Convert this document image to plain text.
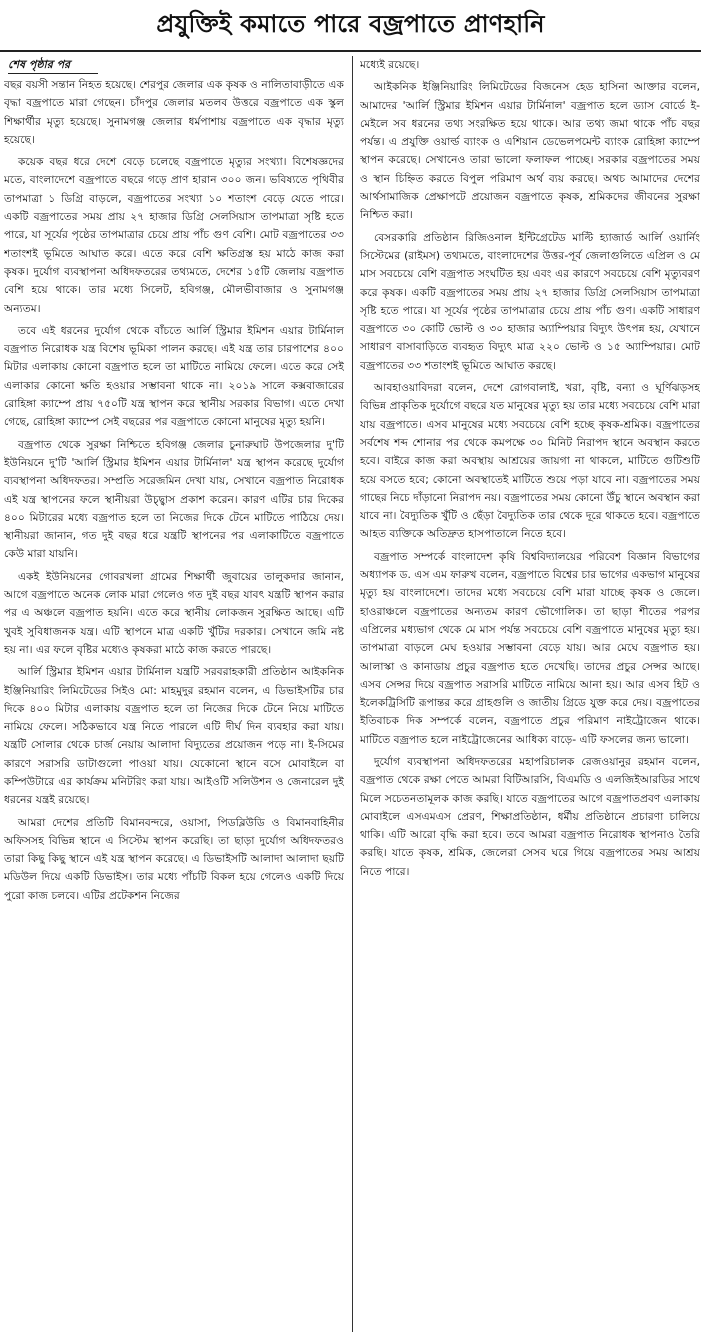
প্রযুক্তিই কমাতে পারে বজ্রপাতে প্রাণহানি
শেষ পৃষ্ঠার পর

বছর বয়সী সন্তান নিহত হয়েছে। শেরপুর জেলার এক কৃষক ও নালিতাবাড়ীতে এক বৃদ্ধা বজ্রপাতে মারা গেছেন। চাঁদপুর জেলার মতলব উত্তরে বজ্রপাতে এক স্কুল শিক্ষার্থীর মৃত্যু হয়েছে। সুনামগঞ্জ জেলার ধর্মপাশায় বজ্রপাতে এক বৃদ্ধার মৃত্যু হয়েছে।

কয়েক বছর ধরে দেশে বেড়ে চলেছে বজ্রপাতে মৃত্যুর সংখ্যা। বিশেষজ্ঞদের মতে, বাংলাদেশে বজ্রপাতে বছরে গড়ে প্রাণ হারান ৩০০ জন। ভবিষ্যতে পৃথিবীর তাপমাত্রা ১ ডিগ্রি বাড়লে, বজ্রপাতের সংখ্যা ১০ শতাংশ বেড়ে যেতে পারে। একটি বজ্রপাতের সময় প্রায় ২৭ হাজার ডিগ্রি সেলসিয়াস তাপমাত্রা সৃষ্টি হতে পারে, যা সূর্যের পৃষ্ঠের তাপমাত্রার চেয়ে প্রায় পাঁচ গুণ বেশি। মোট বজ্রপাতের ৩৩ শতাংশই ভূমিতে আঘাত করে। এতে করে বেশি ক্ষতিগ্রস্ত হয় মাঠে কাজ করা কৃষক। দুর্যোগ ব্যবস্থাপনা অধিদফতরের তথ্যমতে, দেশের ১৫টি জেলায় বজ্রপাত বেশি হয়ে থাকে। তার মধ্যে সিলেট, হবিগঞ্জ, মৌলভীবাজার ও সুনামগঞ্জ অন্যতম।

তবে এই ধরনের দুর্যোগ থেকে বাঁচতে আর্লি স্ট্রিমার ইমিশন এয়ার টার্মিনাল বজ্রপাত নিরোধক যন্ত্র বিশেষ ভূমিকা পালন করছে। এই যন্ত্র তার চারপাশের ৪০০ মিটার এলাকায় কোনো বজ্রপাত হলে তা মাটিতে নামিয়ে ফেলে। এতে করে সেই এলাকার কোনো ক্ষতি হওয়ার সম্ভাবনা থাকে না। ২০১৯ সালে কক্সবাজারের রোহিঙ্গা ক্যাম্পে প্রায় ৭৫০টি যন্ত্র স্থাপন করে স্থানীয় সরকার বিভাগ। এতে দেখা গেছে, রোহিঙ্গা ক্যাম্পে সেই বছরের পর বজ্রপাতে কোনো মানুষের মৃত্যু হয়নি।

বজ্রপাত থেকে সুরক্ষা নিশ্চিতে হবিগঞ্জ জেলার চুনারুঘাট উপজেলার দু'টি ইউনিয়নে দু'টি 'আর্লি স্ট্রিমার ইমিশন এয়ার টার্মিনাল' যন্ত্র স্থাপন করেছে দুর্যোগ ব্যবস্থাপনা অধিদফতর। সম্প্রতি সরেজমিন দেখা যায়, সেখানে বজ্রপাত নিরোধক এই যন্ত্র স্থাপনের ফলে স্থানীয়রা উচ্ছ্বাস প্রকাশ করেন। কারণ এটির চার দিকের ৪০০ মিটারের মধ্যে বজ্রপাত হলে তা নিজের দিকে টেনে মাটিতে পাঠিয়ে দেয়। স্থানীয়রা জানান, গত দুই বছর ধরে যন্ত্রটি স্থাপনের পর এলাকাটিতে বজ্রপাতে কেউ মারা যায়নি।

একই ইউনিয়নের গোবরখলা গ্রামের শিক্ষার্থী জুবায়ের তালুকদার জানান, আগে বজ্রপাতে অনেক লোক মারা গেলেও গত দুই বছর যাবৎ যন্ত্রটি স্থাপন করার পর এ অঞ্চলে বজ্রপাত হয়নি। এতে করে স্থানীয় লোকজন সুরক্ষিত আছে। এটি খুবই সুবিধাজনক যন্ত্র। এটি স্থাপনে মাত্র একটি খুঁটির দরকার। সেখানে জমি নষ্ট হয় না। এর ফলে বৃষ্টির মধ্যেও কৃষকরা মাঠে কাজ করতে পারছে।

আর্লি স্ট্রিমার ইমিশন এয়ার টার্মিনাল যন্ত্রটি সরবরাহকারী প্রতিষ্ঠান আইকনিক ইঞ্জিনিয়ারিং লিমিটেডের সিইও মো: মাহমুদুর রহমান বলেন, এ ডিভাইসটির চার দিকে ৪০০ মিটার এলাকায় বজ্রপাত হলে তা নিজের দিকে টেনে নিয়ে মাটিতে নামিয়ে ফেলে। সঠিকভাবে যন্ত্র নিতে পারলে এটি দীর্ঘ দিন ব্যবহার করা যায়। যন্ত্রটি সোলার থেকে চার্জ নেয়ায় আলাদা বিদ্যুতের প্রয়োজন পড়ে না। ই-সিমের কারণে সরাসরি ডাটাগুলো পাওয়া যায়। যেকোনো স্থানে বসে মোবাইলে বা কম্পিউটারে এর কার্যক্রম মনিটরিং করা যায়। আইওটি সলিউশন ও জেনারেল দুই ধরনের যন্ত্রই রয়েছে।

আমরা দেশের প্রতিটি বিমানবন্দরে, ওয়াসা, পিডব্লিউডি ও বিমানবাহিনীর অফিসসহ বিভিন্ন স্থানে এ সিস্টেম স্থাপন করেছি। তা ছাড়া দুর্যোগ অধিদফতরও তারা কিছু কিছু স্থানে এই যন্ত্র স্থাপন করেছে। এ ডিভাইসটি আলাদা আলাদা ছয়টি মডিউল দিয়ে একটি ডিভাইস। তার মধ্যে পাঁচটি বিকল হয়ে গেলেও একটি দিয়ে পুরো কাজ চলবে। এটির প্রটেকশন নিজের

মধ্যেই রয়েছে।

আইকনিক ইঞ্জিনিয়ারিং লিমিটেডের বিজনেস হেড হাসিনা আক্তার বলেন, আমাদের 'আর্লি স্ট্রিমার ইমিশন এয়ার টার্মিনাল' বজ্রপাত হলে ড্যাস বোর্ডে ই-মেইলে সব ধরনের তথ্য সংরক্ষিত হয়ে থাকে। আর তথ্য জমা থাকে পাঁচ বছর পর্যন্ত। এ প্রযুক্তি ওয়ার্ল্ড ব্যাংক ও এশিয়ান ডেভেলপমেন্ট ব্যাংক রোহিঙ্গা ক্যাম্পে স্থাপন করেছে। সেখানেও তারা ভালো ফলাফল পাচ্ছে। সরকার বজ্রপাতের সময় ও স্থান চিহ্নিত করতে বিপুল পরিমাণ অর্থ ব্যয় করছে। অথচ আমাদের দেশের আর্থসামাজিক প্রেক্ষাপটে প্রয়োজন বজ্রপাতে কৃষক, শ্রমিকদের জীবনের সুরক্ষা নিশ্চিত করা।

বেসরকারি প্রতিষ্ঠান রিজিওনাল ইন্টিগ্রেটেড মাল্টি হ্যাজার্ড আর্লি ওয়ার্নিং সিস্টেমের (রাইমস) তথ্যমতে, বাংলাদেশের উত্তর-পূর্ব জেলাগুলিতে এপ্রিল ও মে মাস সবচেয়ে বেশি বজ্রপাত সংঘটিত হয় এবং এর কারণে সবচেয়ে বেশি মৃত্যুবরণ করে কৃষক। একটি বজ্রপাতের সময় প্রায় ২৭ হাজার ডিগ্রি সেলসিয়াস তাপমাত্রা সৃষ্টি হতে পারে। যা সূর্যের পৃষ্ঠের তাপমাত্রার চেয়ে প্রায় পাঁচ গুণ। একটি সাধারণ বজ্রপাতে ৩০ কোটি ভোল্ট ও ৩০ হাজার অ্যাম্পিয়ার বিদ্যুৎ উৎপন্ন হয়, যেখানে সাধারণ বাসাবাড়িতে ব্যবহৃত বিদ্যুৎ মাত্র ২২০ ভোল্ট ও ১৫ অ্যাম্পিয়ার। মোট বজ্রপাতের ৩৩ শতাংশই ভূমিতে আঘাত করছে।

আবহাওয়াবিদরা বলেন, দেশে রোগবালাই, খরা, বৃষ্টি, বন্যা ও ঘূর্ণিঝড়সহ বিভিন্ন প্রাকৃতিক দুর্যোগে বছরে যত মানুষের মৃত্যু হয় তার মধ্যে সবচেয়ে বেশি মারা যায় বজ্রপাতে। এসব মানুষের মধ্যে সবচেয়ে বেশি হচ্ছে কৃষক-শ্রমিক। বজ্রপাতের সর্বশেষ শব্দ শোনার পর থেকে কমপক্ষে ৩০ মিনিট নিরাপদ স্থানে অবস্থান করতে হবে। বাইরে কাজ করা অবস্থায় আশ্রয়ের জায়গা না থাকলে, মাটিতে গুটিশুটি হয়ে বসতে হবে; কোনো অবস্থাতেই মাটিতে শুয়ে পড়া যাবে না। বজ্রপাতের সময় গাছের নিচে দাঁড়ানো নিরাপদ নয়। বজ্রপাতের সময় কোনো উঁচু স্থানে অবস্থান করা যাবে না। বৈদ্যুতিক খুঁটি ও ছেঁড়া বৈদ্যুতিক তার থেকে দূরে থাকতে হবে। বজ্রপাতে আহত ব্যক্তিকে অতিদ্রুত হাসপাতালে নিতে হবে।

বজ্রপাত সম্পর্কে বাংলাদেশ কৃষি বিশ্ববিদ্যালয়ের পরিবেশ বিজ্ঞান বিভাগের অধ্যাপক ড. এস এম ফারুখ বলেন, বজ্রপাতে বিশ্বের চার ভাগের একভাগ মানুষের মৃত্যু হয় বাংলাদেশে। তাদের মধ্যে সবচেয়ে বেশি মারা যাচ্ছে কৃষক ও জেলে। হাওরাঞ্চলে বজ্রপাতের অন্যতম কারণ ভৌগোলিক। তা ছাড়া শীতের পরপর এপ্রিলের মধ্যভাগ থেকে মে মাস পর্যন্ত সবচেয়ে বেশি বজ্রপাতে মানুষের মৃত্যু হয়। তাপমাত্রা বাড়লে মেঘ হওয়ার সম্ভাবনা বেড়ে যায়। আর মেঘে বজ্রপাত হয়। আলাস্কা ও কানাডায় প্রচুর বজ্রপাত হতে দেখেছি। তাদের প্রচুর সেন্সর আছে। এসব সেন্সর দিয়ে বজ্রপাত সরাসরি মাটিতে নামিয়ে আনা হয়। আর এসব হিট ও ইলেকট্রিসিটি রূপান্তর করে গ্রাহগুলি ও জাতীয় গ্রিডে যুক্ত করে দেয়। বজ্রপাতের ইতিবাচক দিক সম্পর্কে বলেন, বজ্রপাতে প্রচুর পরিমাণ নাইট্রোজেন থাকে। মাটিতে বজ্রপাত হলে নাইট্রোজেনের আধিক্য বাড়ে- এটি ফসলের জন্য ভালো।

দুর্যোগ ব্যবস্থাপনা অধিদফতরের মহাপরিচালক রেজওয়ানুর রহমান বলেন, বজ্রপাত থেকে রক্ষা পেতে আমরা বিটিআরসি, বিএমডি ও এলজিইআরডির সাথে মিলে সচেতনতামূলক কাজ করছি। যাতে বজ্রপাতের আগে বজ্রপাতপ্রবণ এলাকায় মোবাইলে এসএমএস প্রেরণ, শিক্ষাপ্রতিষ্ঠান, ধর্মীয় প্রতিষ্ঠানে প্রচারণা চালিয়ে থাকি। এটি আরো বৃদ্ধি করা হবে। তবে আমরা বজ্রপাত নিরোধক স্থাপনাও তৈরি করছি। যাতে কৃষক, শ্রমিক, জেলেরা সেসব ঘরে গিয়ে বজ্রপাতের সময় আশ্রয় নিতে পারে।
